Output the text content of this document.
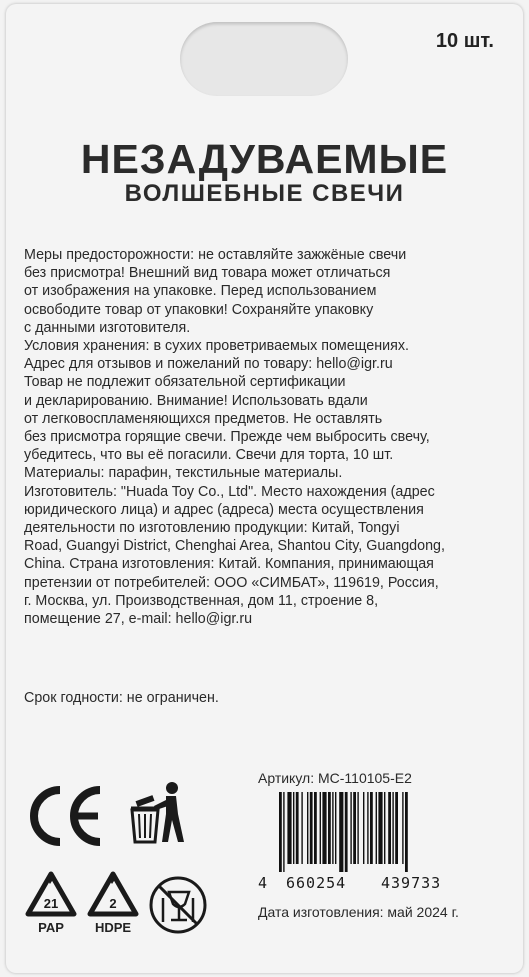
10 шт.
НЕЗАДУВАЕМЫЕ
ВОЛШЕБНЫЕ СВЕЧИ
Меры предосторожности: не оставляйте зажжёные свечи
без присмотра! Внешний вид товара может отличаться
от изображения на упаковке. Перед использованием
освободите товар от упаковки! Сохраняйте упаковку
с данными изготовителя.
Условия хранения: в сухих проветриваемых помещениях.
Адрес для отзывов и пожеланий по товару: hello@igr.ru
Товар не подлежит обязательной сертификации
и декларированию. Внимание! Использовать вдали
от легковоспламеняющихся предметов. Не оставлять
без присмотра горящие свечи. Прежде чем выбросить свечу,
убедитесь, что вы её погасили. Свечи для торта, 10 шт.
Материалы: парафин, текстильные материалы.
Изготовитель: "Huada Toy Co., Ltd". Место нахождения (адрес
юридического лица) и адрес (адреса) места осуществления
деятельности по изготовлению продукции: Китай, Tongyi
Road, Guangyi District, Chenghai Area, Shantou City, Guangdong,
China. Страна изготовления: Китай. Компания, принимающая
претензии от потребителей: ООО «СИМБАТ», 119619, Россия,
г. Москва, ул. Производственная, дом 11, строение 8,
помещение 27, e-mail: hello@igr.ru
Срок годности: не ограничен.
Артикул: MC-110105-E2
4 660254 439733
Дата изготовления: май 2024 г.
21
PAP
2
HDPE
